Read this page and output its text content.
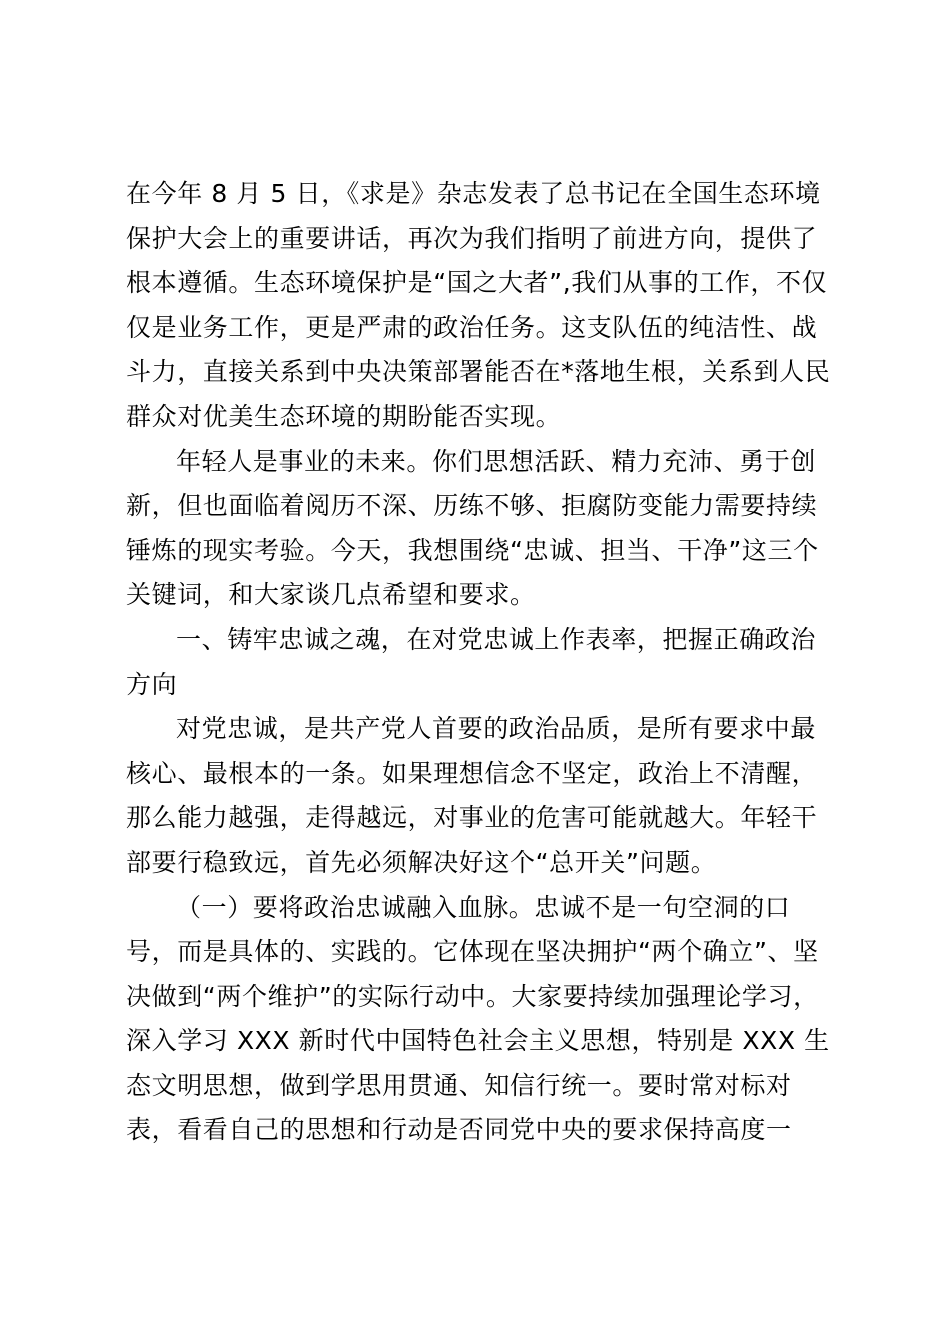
在今年 8 月 5 日，《求是》杂志发表了总书记在全国生态环境
保护大会上的重要讲话，再次为我们指明了前进方向，提供了
根本遵循。生态环境保护是“国之大者”,我们从事的工作，不仅
仅是业务工作，更是严肃的政治任务。这支队伍的纯洁性、战
斗力，直接关系到中央决策部署能否在*落地生根，关系到人民
群众对优美生态环境的期盼能否实现。
年轻人是事业的未来。你们思想活跃、精力充沛、勇于创
新，但也面临着阅历不深、历练不够、拒腐防变能力需要持续
锤炼的现实考验。今天，我想围绕“忠诚、担当、干净”这三个
关键词，和大家谈几点希望和要求。
一、铸牢忠诚之魂，在对党忠诚上作表率，把握正确政治
方向
对党忠诚，是共产党人首要的政治品质，是所有要求中最
核心、最根本的一条。如果理想信念不坚定，政治上不清醒，
那么能力越强，走得越远，对事业的危害可能就越大。年轻干
部要行稳致远，首先必须解决好这个“总开关”问题。
（一）要将政治忠诚融入血脉。忠诚不是一句空洞的口
号，而是具体的、实践的。它体现在坚决拥护“两个确立”、坚
决做到“两个维护”的实际行动中。大家要持续加强理论学习，
深入学习 XXX 新时代中国特色社会主义思想，特别是 XXX 生
态文明思想，做到学思用贯通、知信行统一。要时常对标对
表，看看自己的思想和行动是否同党中央的要求保持高度一
